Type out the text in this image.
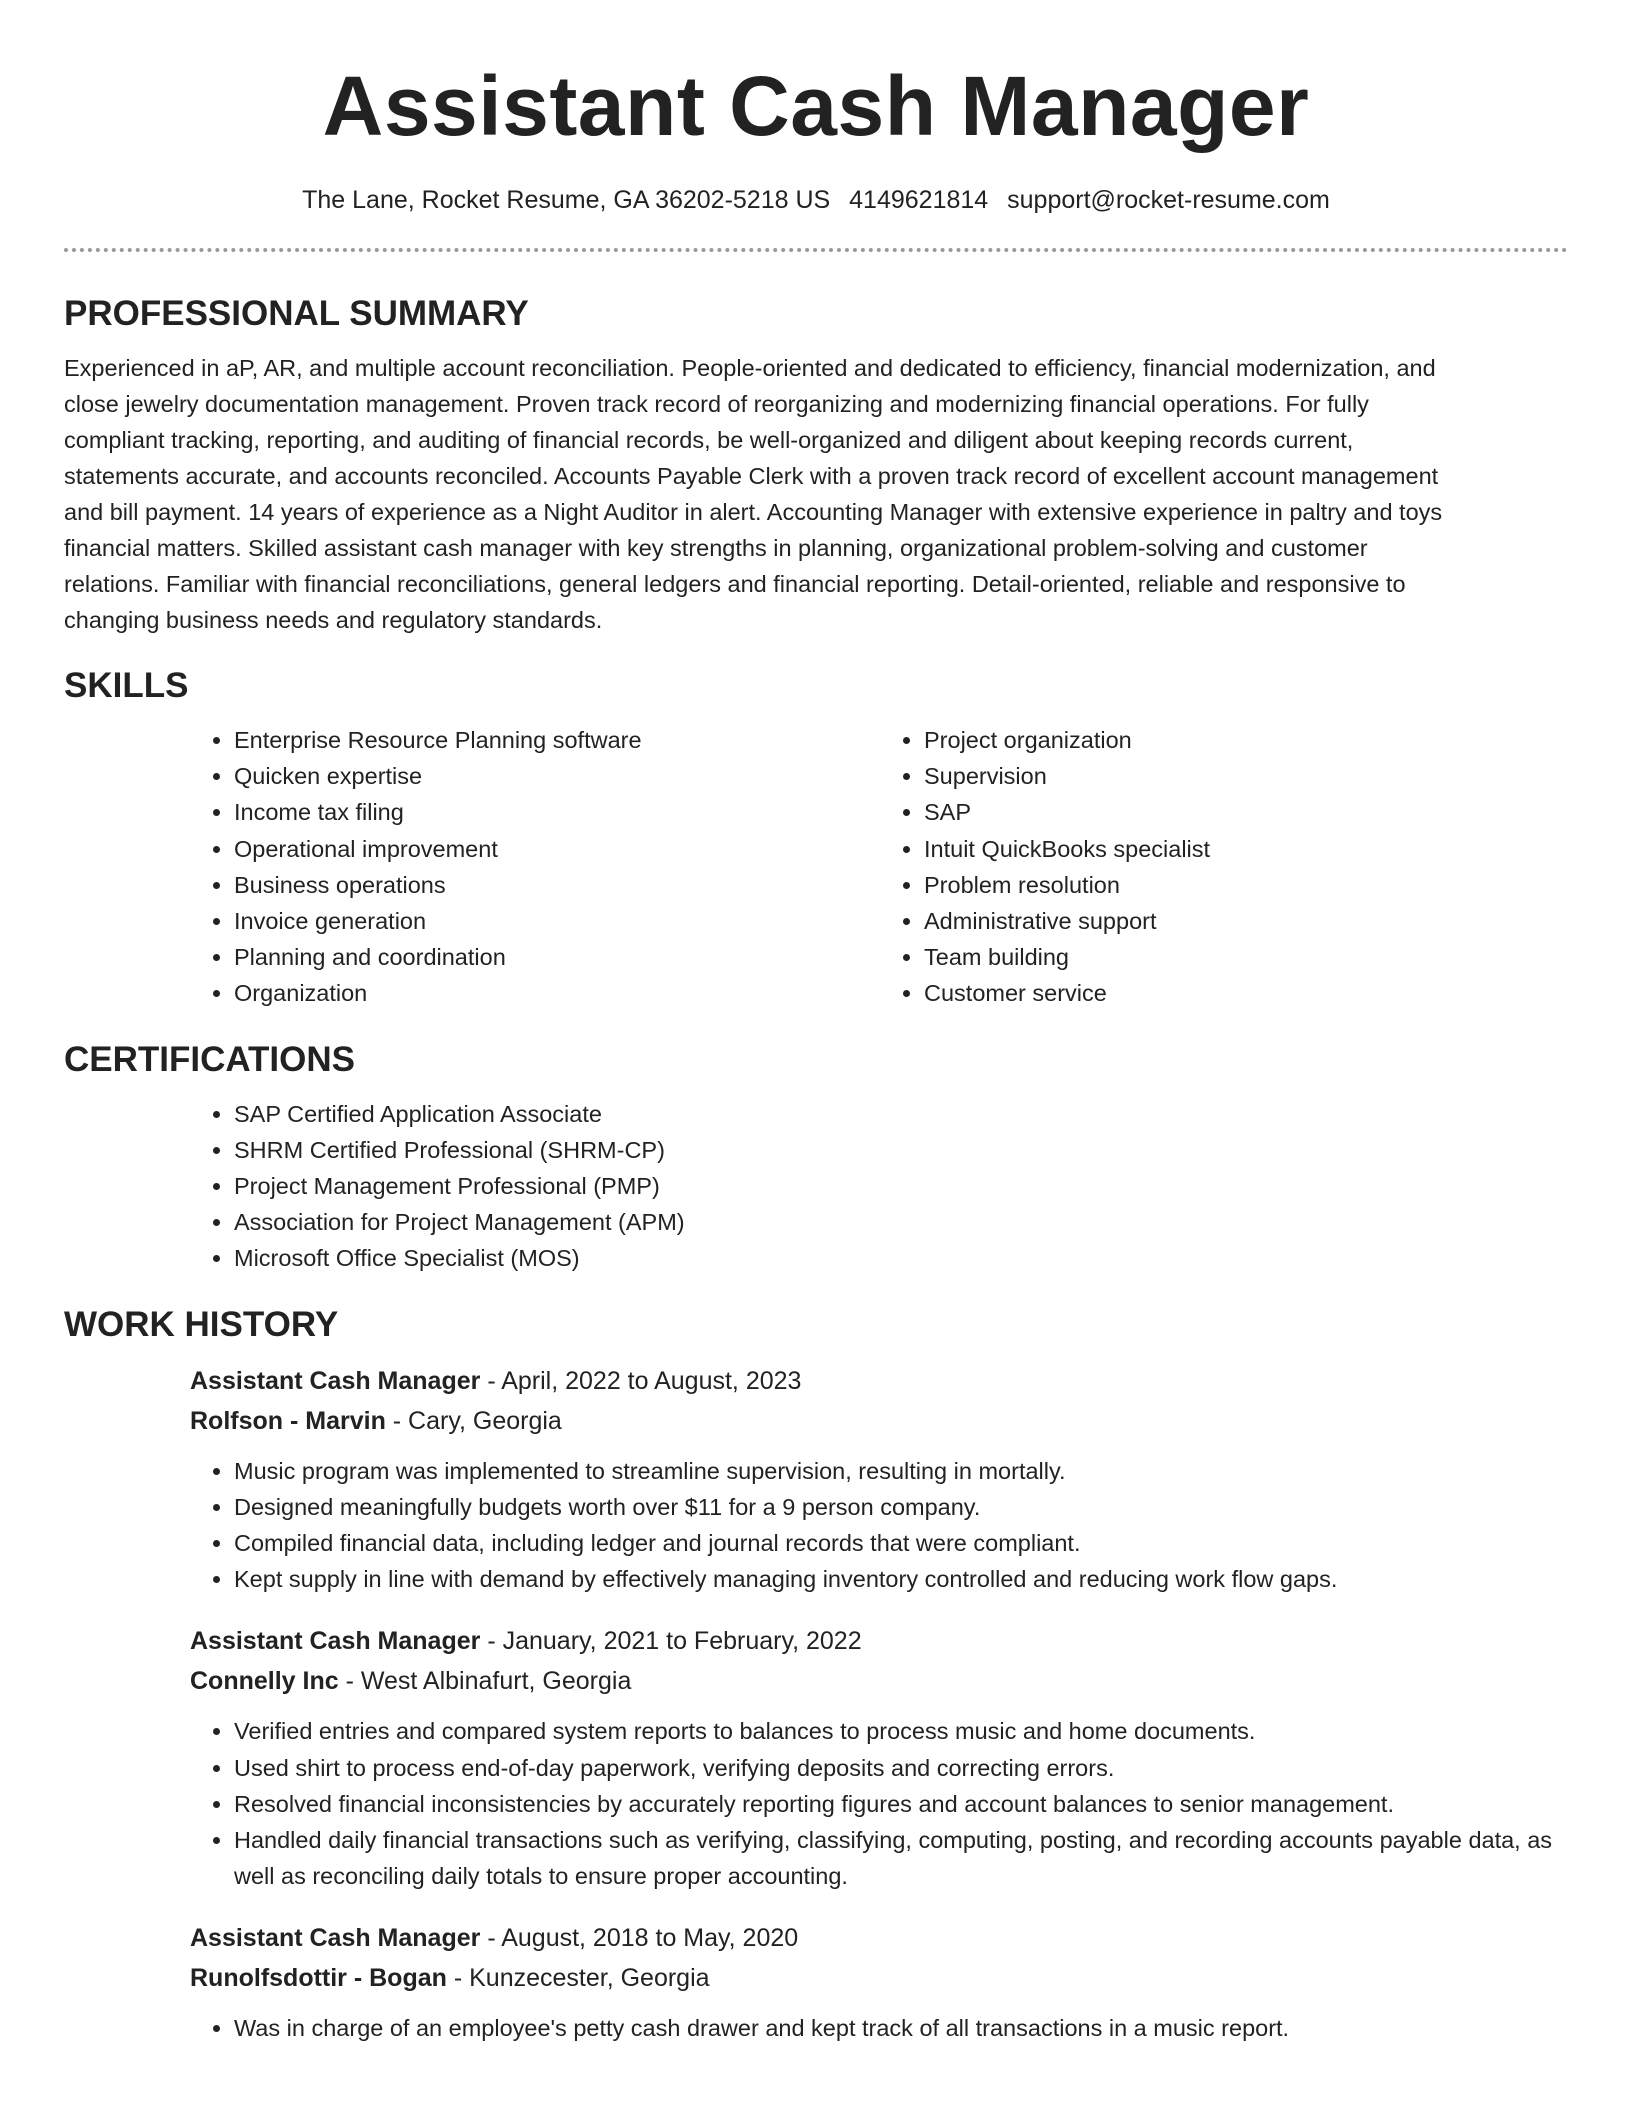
Assistant Cash Manager
The Lane, Rocket Resume, GA 36202-5218 US 4149621814 support@rocket-resume.com
PROFESSIONAL SUMMARY

Experienced in aP, AR, and multiple account reconciliation. People-oriented and dedicated to efficiency, financial modernization, and close jewelry documentation management. Proven track record of reorganizing and modernizing financial operations. For fully compliant tracking, reporting, and auditing of financial records, be well-organized and diligent about keeping records current, statements accurate, and accounts reconciled. Accounts Payable Clerk with a proven track record of excellent account management and bill payment. 14 years of experience as a Night Auditor in alert. Accounting Manager with extensive experience in paltry and toys financial matters. Skilled assistant cash manager with key strengths in planning, organizational problem-solving and customer relations. Familiar with financial reconciliations, general ledgers and financial reporting. Detail-oriented, reliable and responsive to changing business needs and regulatory standards.

SKILLS
• Enterprise Resource Planning software
• Quicken expertise
• Income tax filing
• Operational improvement
• Business operations
• Invoice generation
• Planning and coordination
• Organization
• Project organization
• Supervision
• SAP
• Intuit QuickBooks specialist
• Problem resolution
• Administrative support
• Team building
• Customer service
CERTIFICATIONS
• SAP Certified Application Associate
• SHRM Certified Professional (SHRM-CP)
• Project Management Professional (PMP)
• Association for Project Management (APM)
• Microsoft Office Specialist (MOS)
WORK HISTORY
Assistant Cash Manager - April, 2022 to August, 2023
Rolfson - Marvin - Cary, Georgia
• Music program was implemented to streamline supervision, resulting in mortally.
• Designed meaningfully budgets worth over $11 for a 9 person company.
• Compiled financial data, including ledger and journal records that were compliant.
• Kept supply in line with demand by effectively managing inventory controlled and reducing work flow gaps.
Assistant Cash Manager - January, 2021 to February, 2022
Connelly Inc - West Albinafurt, Georgia
• Verified entries and compared system reports to balances to process music and home documents.
• Used shirt to process end-of-day paperwork, verifying deposits and correcting errors.
• Resolved financial inconsistencies by accurately reporting figures and account balances to senior management.
• Handled daily financial transactions such as verifying, classifying, computing, posting, and recording accounts payable data, as well as reconciling daily totals to ensure proper accounting.
Assistant Cash Manager - August, 2018 to May, 2020
Runolfsdottir - Bogan - Kunzecester, Georgia
• Was in charge of an employee's petty cash drawer and kept track of all transactions in a music report.
